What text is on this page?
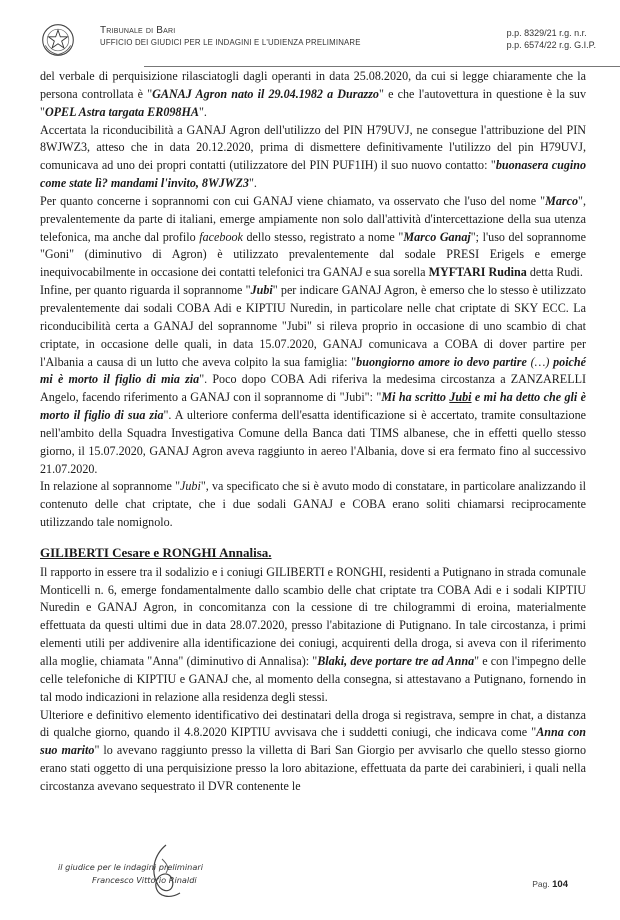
Tribunale di Bari
UFFICIO DEI GIUDICI PER LE INDAGINI E L'UDIENZA PRELIMINARE
p.p. 8329/21 r.g. n.r.
p.p. 6574/22 r.g. G.I.P.

del verbale di perquisizione rilasciatogli dagli operanti in data 25.08.2020, da cui si legge chiaramente che la persona controllata è "GANAJ Agron nato il 29.04.1982 a Durazzo" e che l'autovettura in questione è la suv "OPEL Astra targata ER098HA".

Accertata la riconducibilità a GANAJ Agron dell'utilizzo del PIN H79UVJ, ne consegue l'attribuzione del PIN 8WJWZ3, atteso che in data 20.12.2020, prima di dismettere definitivamente l'utilizzo del pin H79UVJ, comunicava ad uno dei propri contatti (utilizzatore del PIN PUF1IH) il suo nuovo contatto: "buonasera cugino come state lì? mandami l'invito, 8WJWZ3".

Per quanto concerne i soprannomi con cui GANAJ viene chiamato, va osservato che l'uso del nome "Marco", prevalentemente da parte di italiani, emerge ampiamente non solo dall'attività d'intercettazione della sua utenza telefonica, ma anche dal profilo facebook dello stesso, registrato a nome "Marco Ganaj"; l'uso del soprannome "Goni" (diminutivo di Agron) è utilizzato prevalentemente dal sodale PRESI Erigels e emerge inequivocabilmente in occasione dei contatti telefonici tra GANAJ e sua sorella MYFTARI Rudina detta Rudi.

Infine, per quanto riguarda il soprannome "Jubi" per indicare GANAJ Agron, è emerso che lo stesso è utilizzato prevalentemente dai sodali COBA Adi e KIPTIU Nuredin, in particolare nelle chat criptate di SKY ECC. La riconducibilità certa a GANAJ del soprannome "Jubi" si rileva proprio in occasione di uno scambio di chat criptate, in occasione delle quali, in data 15.07.2020, GANAJ comunicava a COBA di dover partire per l'Albania a causa di un lutto che aveva colpito la sua famiglia: "buongiorno amore io devo partire (…) poiché mi è morto il figlio di mia zia". Poco dopo COBA Adi riferiva la medesima circostanza a ZANZARELLI Angelo, facendo riferimento a GANAJ con il soprannome di "Jubi": "Mi ha scritto Jubi e mi ha detto che gli è morto il figlio di sua zia". A ulteriore conferma dell'esatta identificazione si è accertato, tramite consultazione nell'ambito della Squadra Investigativa Comune della Banca dati TIMS albanese, che in effetti quello stesso giorno, il 15.07.2020, GANAJ Agron aveva raggiunto in aereo l'Albania, dove si era fermato fino al successivo 21.07.2020.

In relazione al soprannome "Jubi", va specificato che si è avuto modo di constatare, in particolare analizzando il contenuto delle chat criptate, che i due sodali GANAJ e COBA erano soliti chiamarsi reciprocamente utilizzando tale nomignolo.

GILIBERTI Cesare e RONGHI Annalisa.

Il rapporto in essere tra il sodalizio e i coniugi GILIBERTI e RONGHI, residenti a Putignano in strada comunale Monticelli n. 6, emerge fondamentalmente dallo scambio delle chat criptate tra COBA Adi e i sodali KIPTIU Nuredin e GANAJ Agron, in concomitanza con la cessione di tre chilogrammi di eroina, materialmente effettuata da questi ultimi due in data 28.07.2020, presso l'abitazione di Putignano. In tale circostanza, i primi elementi utili per addivenire alla identificazione dei coniugi, acquirenti della droga, si aveva con il riferimento alla moglie, chiamata "Anna" (diminutivo di Annalisa): "Blaki, deve portare tre ad Anna" e con l'impegno delle celle telefoniche di KIPTIU e GANAJ che, al momento della consegna, si attestavano a Putignano, fornendo in tal modo indicazioni in relazione alla residenza degli stessi.

Ulteriore e definitivo elemento identificativo dei destinatari della droga si registrava, sempre in chat, a distanza di qualche giorno, quando il 4.8.2020 KIPTIU avvisava che i suddetti coniugi, che indicava come "Anna con suo marito" lo avevano raggiunto presso la villetta di Bari San Giorgio per avvisarlo che quello stesso giorno erano stati oggetto di una perquisizione presso la loro abitazione, effettuata da parte dei carabinieri, i quali nella circostanza avevano sequestrato il DVR contenente le

il giudice per le indagini preliminari
Francesco Vittorio Rinaldi	Pag. 104
